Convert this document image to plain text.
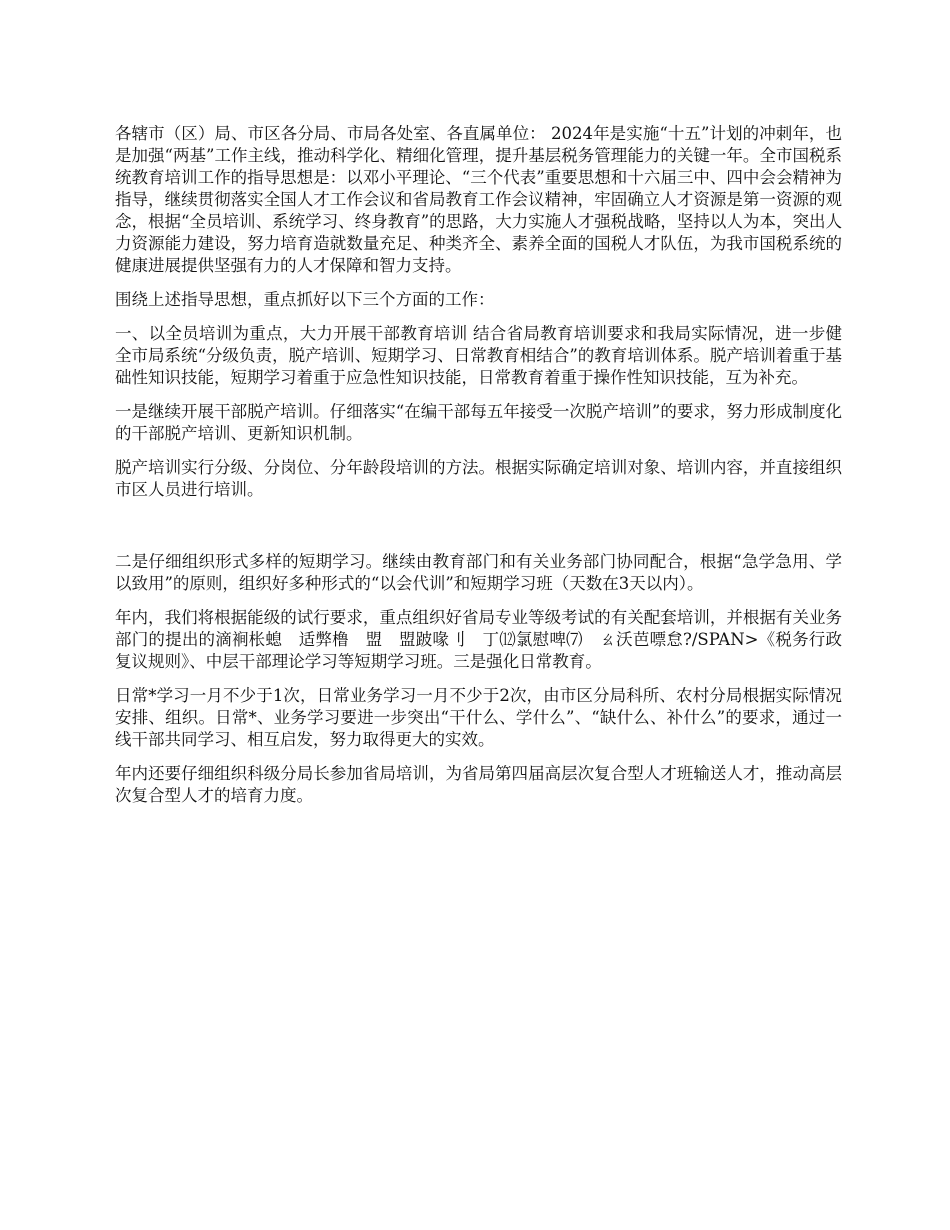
各辖市（区）局、市区各分局、市局各处室、各直属单位： 2024年是实施“十五”计划的冲刺年，也是加强“两基”工作主线，推动科学化、精细化管理，提升基层税务管理能力的关键一年。全市国税系统教育培训工作的指导思想是：以邓小平理论、“三个代表”重要思想和十六届三中、四中会会精神为指导，继续贯彻落实全国人才工作会议和省局教育工作会议精神，牢固确立人才资源是第一资源的观念，根据“全员培训、系统学习、终身教育”的思路，大力实施人才强税战略，坚持以人为本，突出人力资源能力建设，努力培育造就数量充足、种类齐全、素养全面的国税人才队伍，为我市国税系统的健康进展提供坚强有力的人才保障和智力支持。

围绕上述指导思想，重点抓好以下三个方面的工作：

一、以全员培训为重点，大力开展干部教育培训 结合省局教育培训要求和我局实际情况，进一步健全市局系统“分级负责，脱产培训、短期学习、日常教育相结合”的教育培训体系。脱产培训着重于基础性知识技能，短期学习着重于应急性知识技能，日常教育着重于操作性知识技能，互为补充。

一是继续开展干部脱产培训。仔细落实“在编干部每五年接受一次脱产培训”的要求，努力形成制度化的干部脱产培训、更新知识机制。

脱产培训实行分级、分岗位、分年龄段培训的方法。根据实际确定培训对象、培训内容，并直接组织市区人员进行培训。

二是仔细组织形式多样的短期学习。继续由教育部门和有关业务部门协同配合，根据“急学急用、学以致用”的原则，组织好多种形式的“以会代训”和短期学习班（天数在3天以内）。

年内，我们将根据能级的试行要求，重点组织好省局专业等级考试的有关配套培训，并根据有关业务部门的提出的滴裥枨螅　适弊橹　盟　盟跛喙刂　丁⑿氯慰啤⑺　ㄠ沃芭嘌怠?/SPAN>《税务行政复议规则》、中层干部理论学习等短期学习班。三是强化日常教育。

日常*学习一月不少于1次，日常业务学习一月不少于2次，由市区分局科所、农村分局根据实际情况安排、组织。日常*、业务学习要进一步突出“干什么、学什么”、“缺什么、补什么”的要求，通过一线干部共同学习、相互启发，努力取得更大的实效。

年内还要仔细组织科级分局长参加省局培训，为省局第四届高层次复合型人才班输送人才，推动高层次复合型人才的培育力度。
